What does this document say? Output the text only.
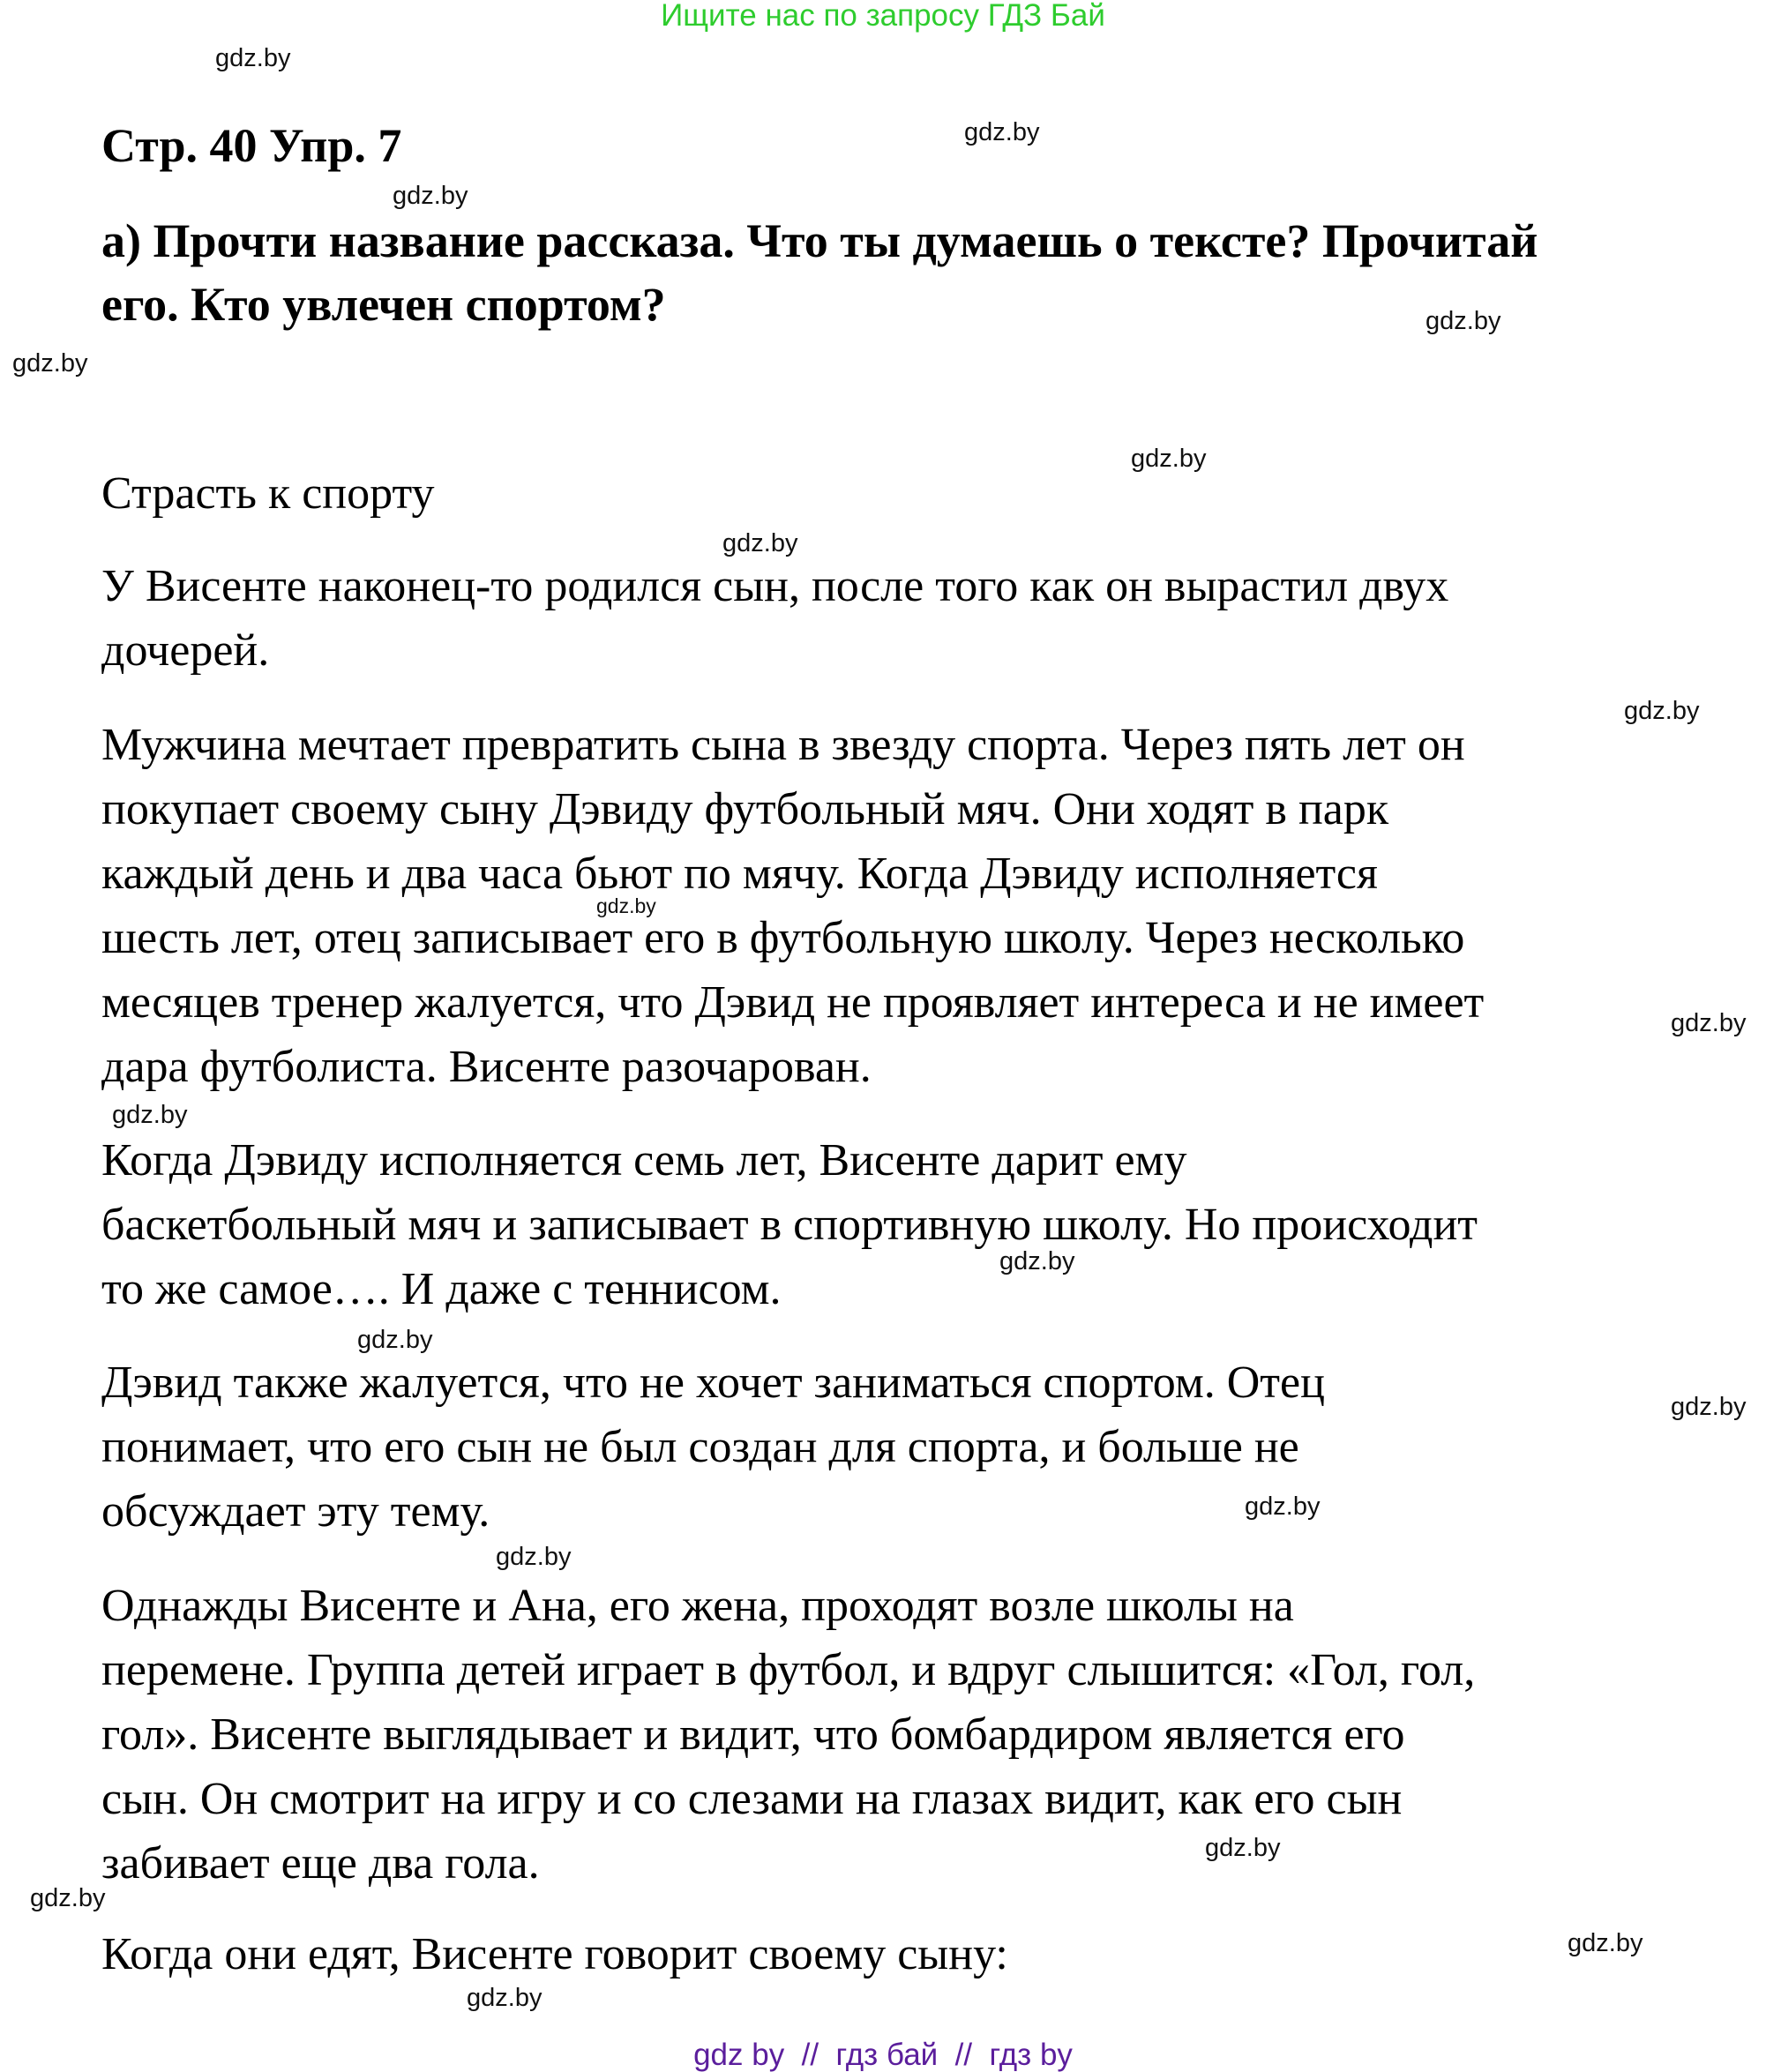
Ищите нас по запросу ГДЗ Бай
Стр. 40 Упр. 7
а) Прочти название рассказа. Что ты думаешь о тексте? Прочитай
его. Кто увлечен спортом?
Страсть к спорту
У Висенте наконец-то родился сын, после того как он вырастил двух
дочерей.
Мужчина мечтает превратить сына в звезду спорта. Через пять лет он
покупает своему сыну Дэвиду футбольный мяч. Они ходят в парк
каждый день и два часа бьют по мячу. Когда Дэвиду исполняется
шесть лет, отец записывает его в футбольную школу. Через несколько
месяцев тренер жалуется, что Дэвид не проявляет интереса и не имеет
дара футболиста. Висенте разочарован.
Когда Дэвиду исполняется семь лет, Висенте дарит ему
баскетбольный мяч и записывает в спортивную школу. Но происходит
то же самое…. И даже с теннисом.
Дэвид также жалуется, что не хочет заниматься спортом. Отец
понимает, что его сын не был создан для спорта, и больше не
обсуждает эту тему.
Однажды Висенте и Ана, его жена, проходят возле школы на
перемене. Группа детей играет в футбол, и вдруг слышится: «Гол, гол,
гол». Висенте выглядывает и видит, что бомбардиром является его
сын. Он смотрит на игру и со слезами на глазах видит, как его сын
забивает еще два гола.
Когда они едят, Висенте говорит своему сыну:
gdz.by
gdz.by
gdz.by
gdz.by
gdz.by
gdz.by
gdz.by
gdz.by
gdz.by
gdz.by
gdz.by
gdz.by
gdz.by
gdz.by
gdz.by
gdz.by
gdz.by
gdz.by
gdz.by
gdz.by
gdz by  //  гдз бай  //  гдз by
